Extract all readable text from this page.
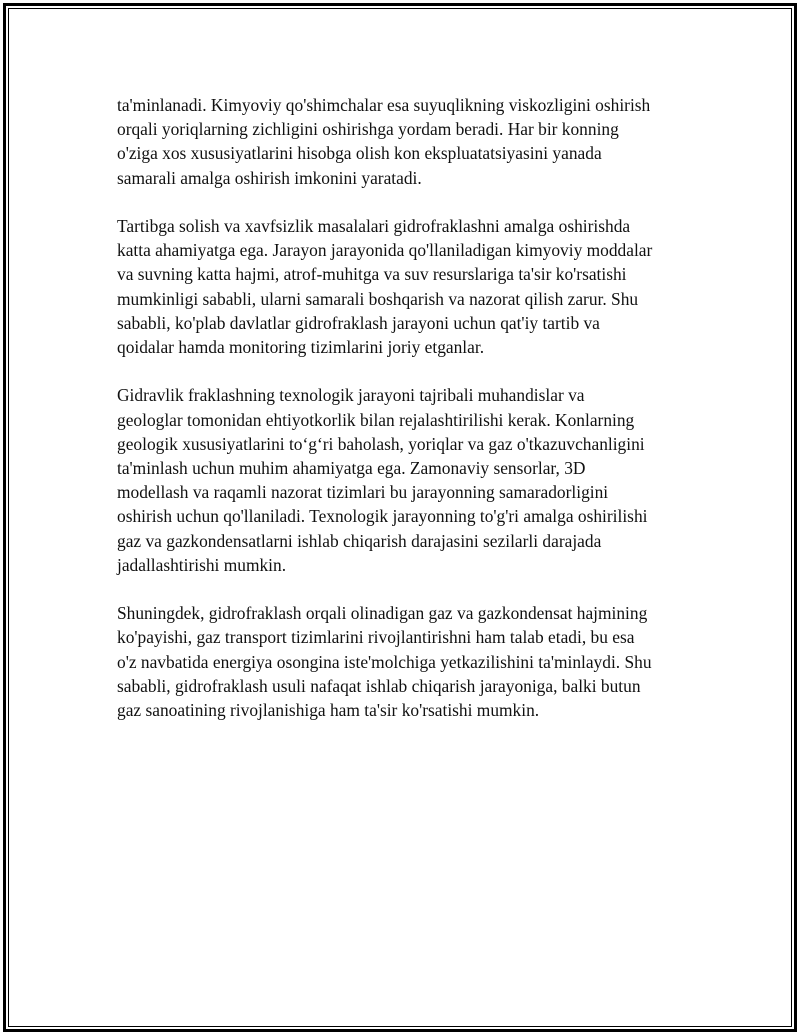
ta'minlanadi. Kimyoviy qo'shimchalar esa suyuqlikning viskozligini oshirish
orqali yoriqlarning zichligini oshirishga yordam beradi. Har bir konning
o'ziga xos xususiyatlarini hisobga olish kon ekspluatatsiyasini yanada
samarali amalga oshirish imkonini yaratadi.

Tartibga solish va xavfsizlik masalalari gidrofraklashni amalga oshirishda
katta ahamiyatga ega. Jarayon jarayonida qo'llaniladigan kimyoviy moddalar
va suvning katta hajmi, atrof-muhitga va suv resurslariga ta'sir ko'rsatishi
mumkinligi sababli, ularni samarali boshqarish va nazorat qilish zarur. Shu
sababli, ko'plab davlatlar gidrofraklash jarayoni uchun qat'iy tartib va
qoidalar hamda monitoring tizimlarini joriy etganlar.

Gidravlik fraklashning texnologik jarayoni tajribali muhandislar va
geologlar tomonidan ehtiyotkorlik bilan rejalashtirilishi kerak. Konlarning
geologik xususiyatlarini to‘g‘ri baholash, yoriqlar va gaz o'tkazuvchanligini
ta'minlash uchun muhim ahamiyatga ega. Zamonaviy sensorlar, 3D
modellash va raqamli nazorat tizimlari bu jarayonning samaradorligini
oshirish uchun qo'llaniladi. Texnologik jarayonning to'g'ri amalga oshirilishi
gaz va gazkondensatlarni ishlab chiqarish darajasini sezilarli darajada
jadallashtirishi mumkin.

Shuningdek, gidrofraklash orqali olinadigan gaz va gazkondensat hajmining
ko'payishi, gaz transport tizimlarini rivojlantirishni ham talab etadi, bu esa
o'z navbatida energiya osongina iste'molchiga yetkazilishini ta'minlaydi. Shu
sababli, gidrofraklash usuli nafaqat ishlab chiqarish jarayoniga, balki butun
gaz sanoatining rivojlanishiga ham ta'sir ko'rsatishi mumkin.
